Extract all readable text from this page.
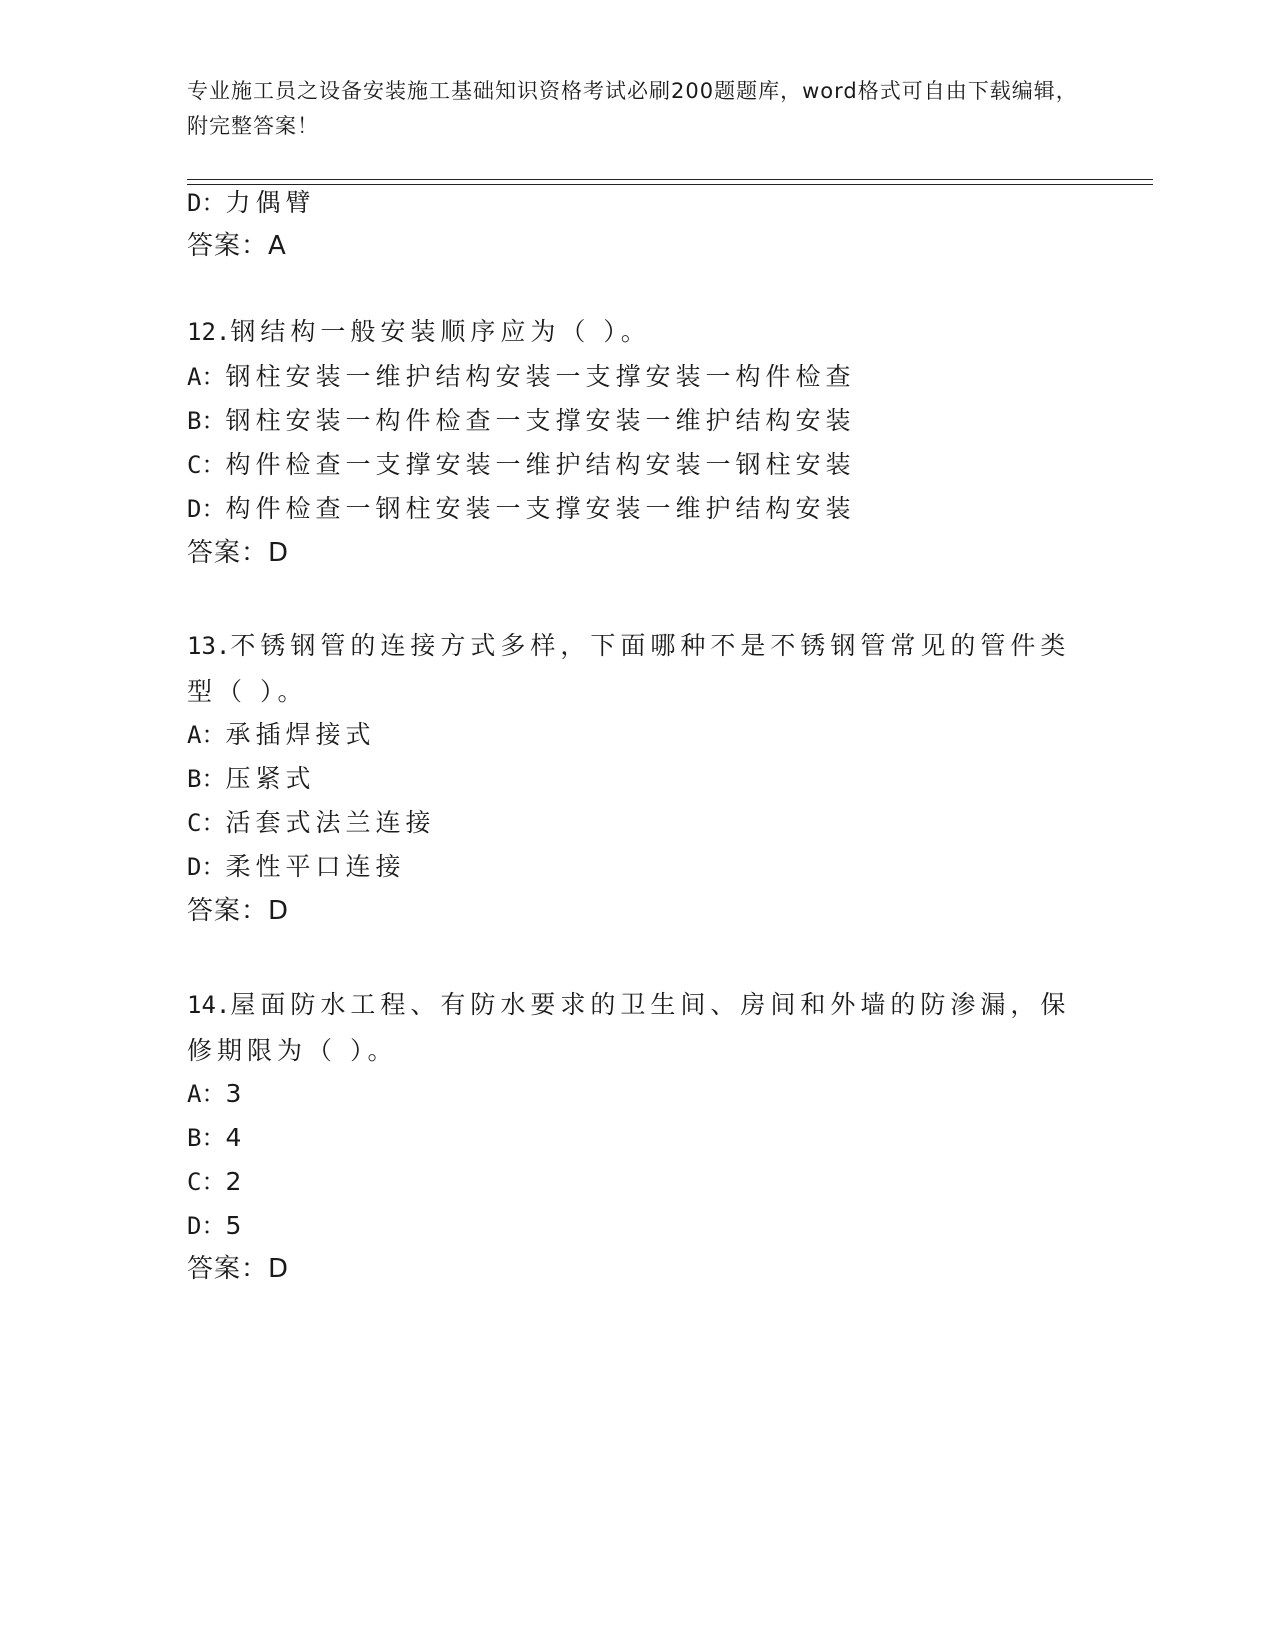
专业施工员之设备安装施工基础知识资格考试必刷200题题库，word格式可自由下载编辑，附完整答案！
D：力偶臂
答案：A
12.钢结构一般安装顺序应为（ ）。
A：钢柱安装一维护结构安装一支撑安装一构件检查
B：钢柱安装一构件检查一支撑安装一维护结构安装
C：构件检查一支撑安装一维护结构安装一钢柱安装
D：构件检查一钢柱安装一支撑安装一维护结构安装
答案：D
13.不锈钢管的连接方式多样，下面哪种不是不锈钢管常见的管件类型（ ）。
A：承插焊接式
B：压紧式
C：活套式法兰连接
D：柔性平口连接
答案：D
14.屋面防水工程、有防水要求的卫生间、房间和外墙的防渗漏，保修期限为（ ）。
A：3
B：4
C：2
D：5
答案：D
